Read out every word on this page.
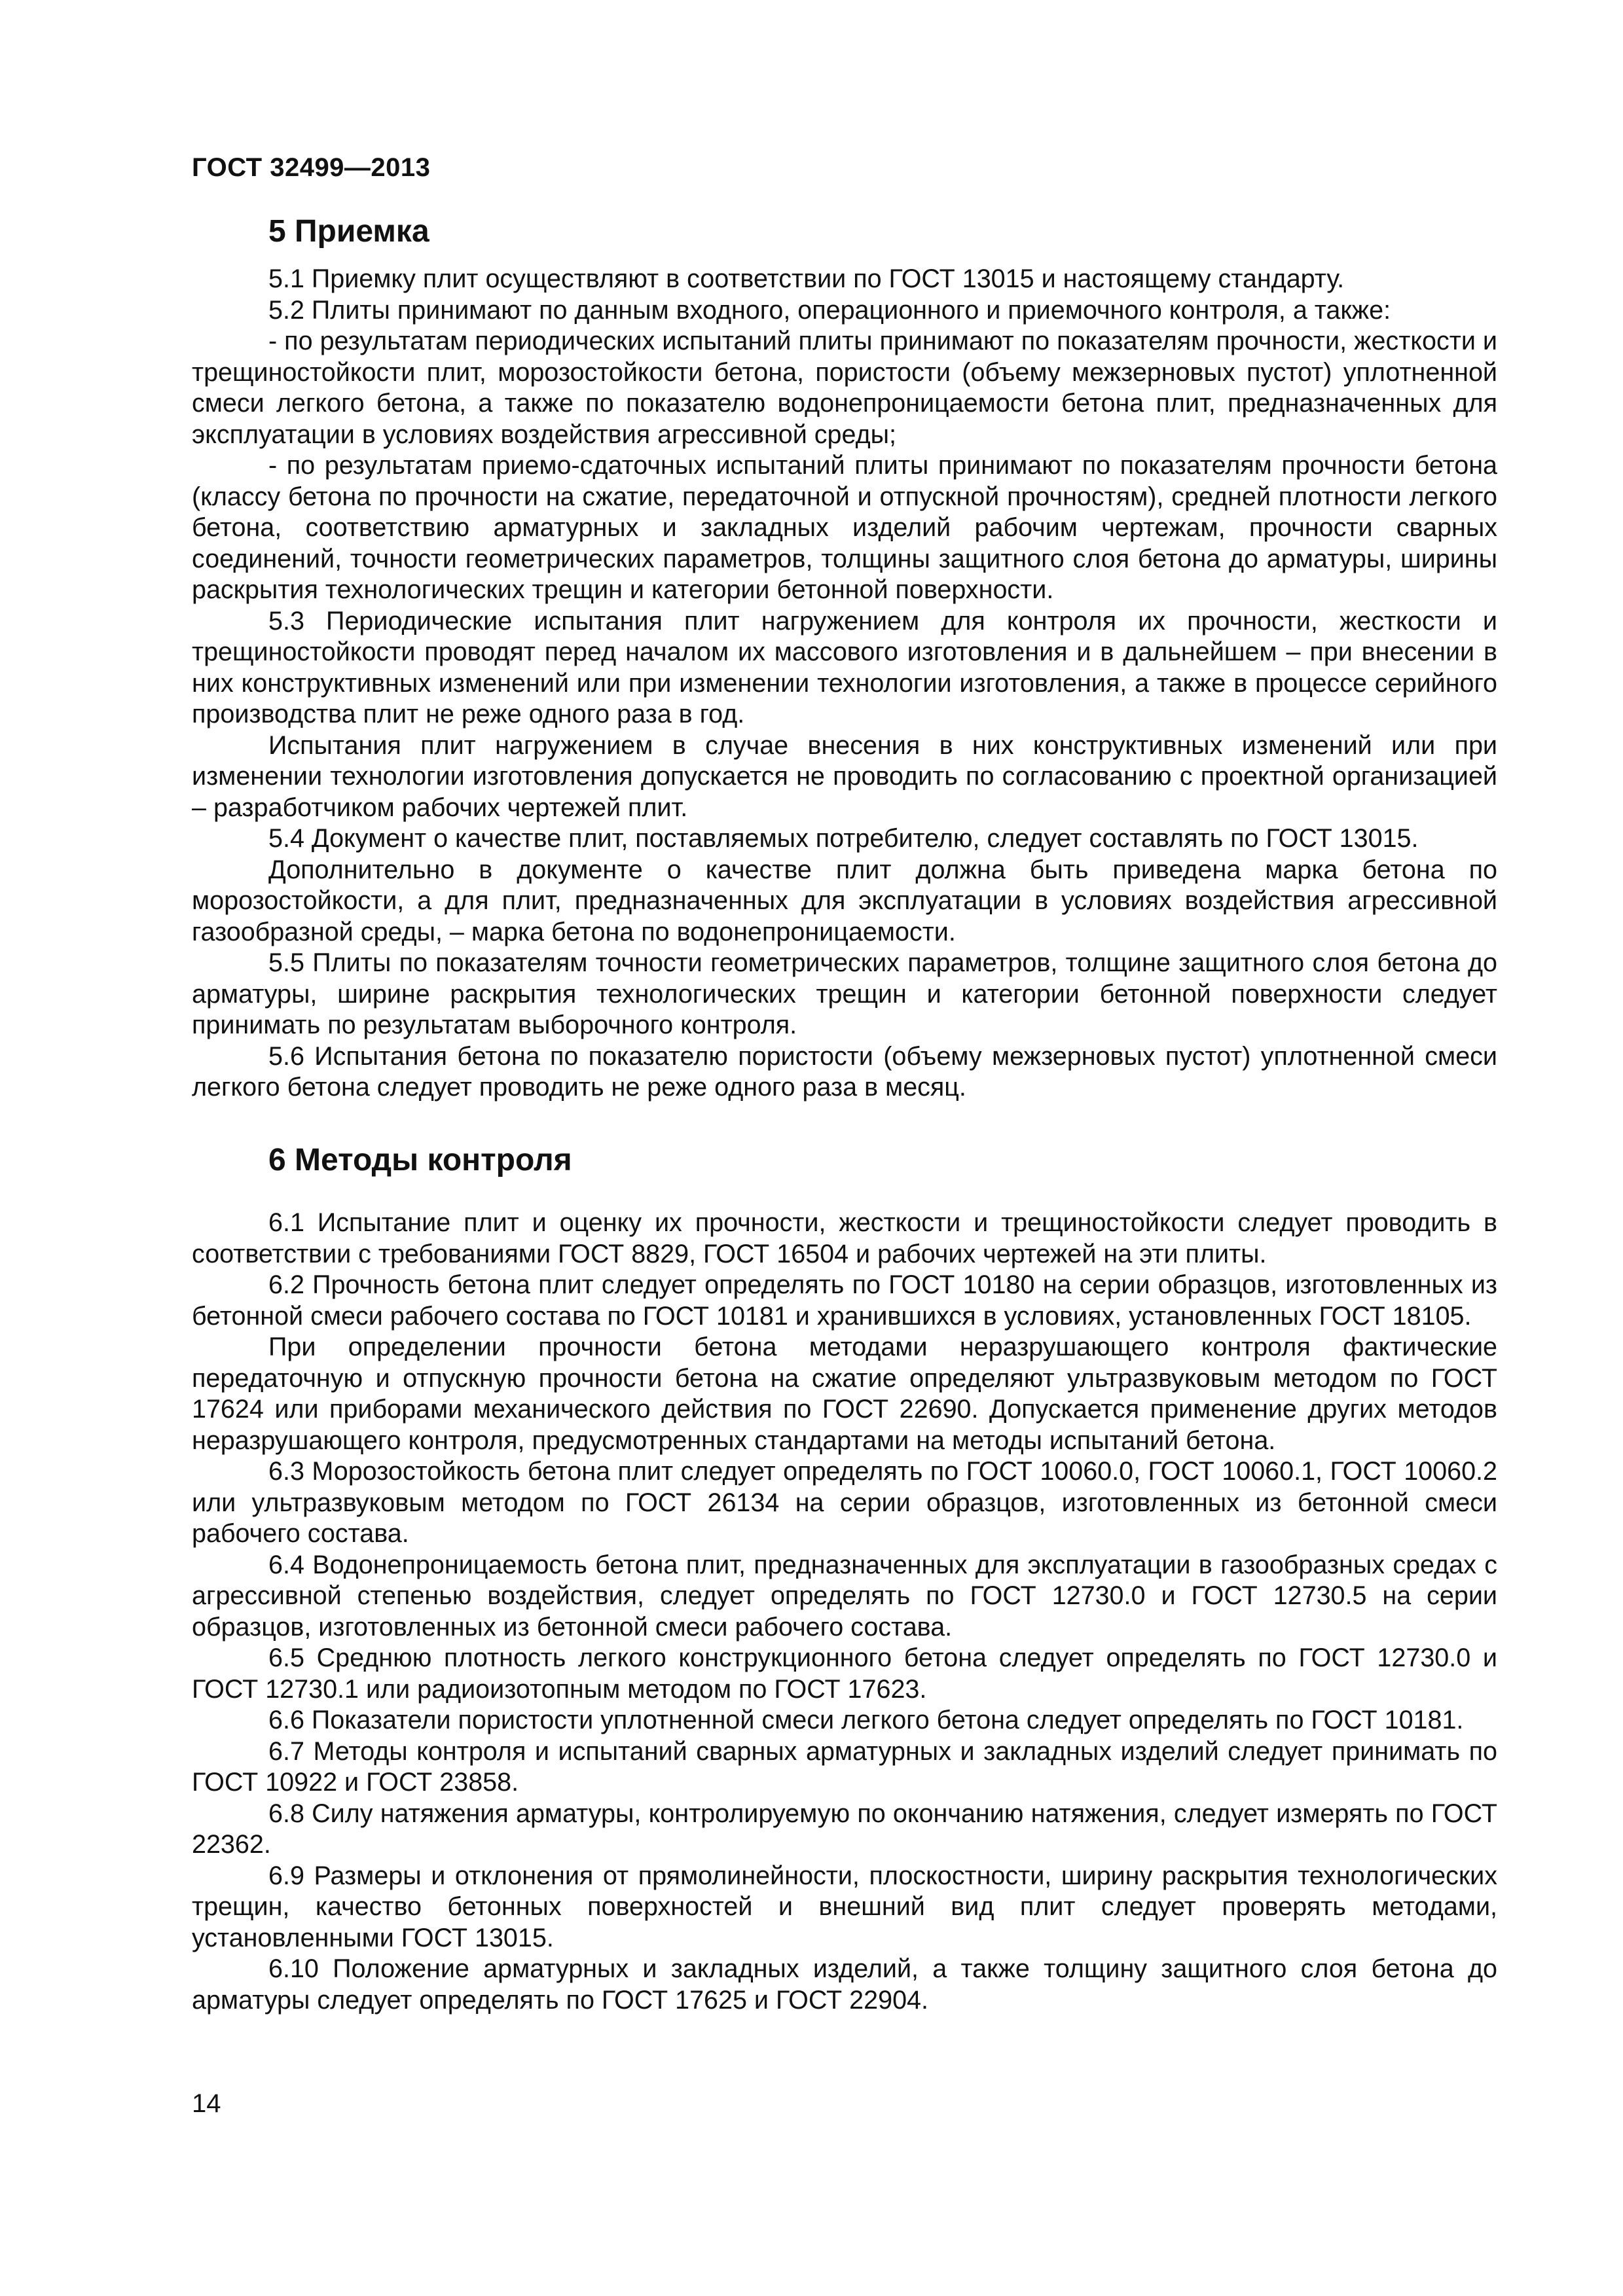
ГОСТ 32499—2013
5 Приемка

5.1 Приемку плит осуществляют в соответствии по ГОСТ 13015 и настоящему стандарту.

5.2 Плиты принимают по данным входного, операционного и приемочного контроля, а также:

- по результатам периодических испытаний плиты принимают по показателям прочности, жесткости и трещиностойкости плит, морозостойкости бетона, пористости (объему межзерновых пустот) уплотненной смеси легкого бетона, а также по показателю водонепроницаемости бетона плит, предназначенных для эксплуатации в условиях воздействия агрессивной среды;

- по результатам приемо-сдаточных испытаний плиты принимают по показателям прочности бетона (классу бетона по прочности на сжатие, передаточной и отпускной прочностям), средней плотности легкого бетона, соответствию арматурных и закладных изделий рабочим чертежам, прочности сварных соединений, точности геометрических параметров, толщины защитного слоя бетона до арматуры, ширины раскрытия технологических трещин и категории бетонной поверхности.

5.3 Периодические испытания плит нагружением для контроля их прочности, жесткости и трещиностойкости проводят перед началом их массового изготовления и в дальнейшем – при внесении в них конструктивных изменений или при изменении технологии изготовления, а также в процессе серийного производства плит не реже одного раза в год.

Испытания плит нагружением в случае внесения в них конструктивных изменений или при изменении технологии изготовления допускается не проводить по согласованию с проектной организацией – разработчиком рабочих чертежей плит.

5.4 Документ о качестве плит, поставляемых потребителю, следует составлять по ГОСТ 13015.

Дополнительно в документе о качестве плит должна быть приведена марка бетона по морозостойкости, а для плит, предназначенных для эксплуатации в условиях воздействия агрессивной газообразной среды, – марка бетона по водонепроницаемости.

5.5 Плиты по показателям точности геометрических параметров, толщине защитного слоя бетона до арматуры, ширине раскрытия технологических трещин и категории бетонной поверхности следует принимать по результатам выборочного контроля.

5.6 Испытания бетона по показателю пористости (объему межзерновых пустот) уплотненной смеси легкого бетона следует проводить не реже одного раза в месяц.

6 Методы контроля

6.1 Испытание плит и оценку их прочности, жесткости и трещиностойкости следует проводить в соответствии с требованиями ГОСТ 8829, ГОСТ 16504 и рабочих чертежей на эти плиты.

6.2 Прочность бетона плит следует определять по ГОСТ 10180 на серии образцов, изготовленных из бетонной смеси рабочего состава по ГОСТ 10181 и хранившихся в условиях, установленных ГОСТ 18105.

При определении прочности бетона методами неразрушающего контроля фактические передаточную и отпускную прочности бетона на сжатие определяют ультразвуковым методом по ГОСТ 17624 или приборами механического действия по ГОСТ 22690. Допускается применение других методов неразрушающего контроля, предусмотренных стандартами на методы испытаний бетона.

6.3 Морозостойкость бетона плит следует определять по ГОСТ 10060.0, ГОСТ 10060.1, ГОСТ 10060.2 или ультразвуковым методом по ГОСТ 26134 на серии образцов, изготовленных из бетонной смеси рабочего состава.

6.4 Водонепроницаемость бетона плит, предназначенных для эксплуатации в газообразных средах с агрессивной степенью воздействия, следует определять по ГОСТ 12730.0 и ГОСТ 12730.5 на серии образцов, изготовленных из бетонной смеси рабочего состава.

6.5 Среднюю плотность легкого конструкционного бетона следует определять по ГОСТ 12730.0 и ГОСТ 12730.1 или радиоизотопным методом по ГОСТ 17623.

6.6 Показатели пористости уплотненной смеси легкого бетона следует определять по ГОСТ 10181.

6.7 Методы контроля и испытаний сварных арматурных и закладных изделий следует принимать по ГОСТ 10922 и ГОСТ 23858.

6.8 Силу натяжения арматуры, контролируемую по окончанию натяжения, следует измерять по ГОСТ 22362.

6.9 Размеры и отклонения от прямолинейности, плоскостности, ширину раскрытия технологических трещин, качество бетонных поверхностей и внешний вид плит следует проверять методами, установленными ГОСТ 13015.

6.10 Положение арматурных и закладных изделий, а также толщину защитного слоя бетона до арматуры следует определять по ГОСТ 17625 и ГОСТ 22904.

14
